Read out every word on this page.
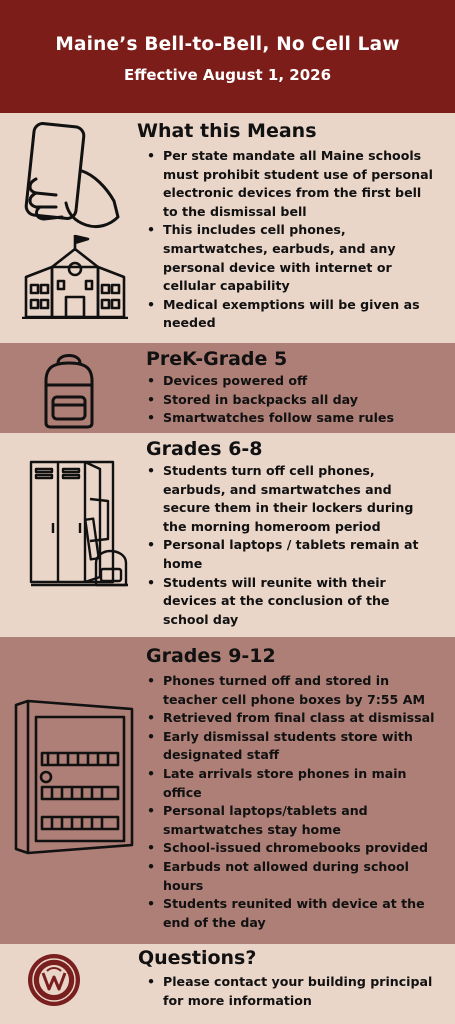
Maine’s Bell-to-Bell, No Cell Law
Effective August 1, 2026
What this Means
• Per state mandate all Maine schools must prohibit student use of personal electronic devices from the first bell to the dismissal bell
• This includes cell phones, smartwatches, earbuds, and any personal device with internet or cellular capability
• Medical exemptions will be given as needed
PreK-Grade 5
• Devices powered off
• Stored in backpacks all day
• Smartwatches follow same rules
Grades 6-8
• Students turn off cell phones, earbuds, and smartwatches and secure them in their lockers during the morning homeroom period
• Personal laptops / tablets remain at home
• Students will reunite with their devices at the conclusion of the school day
Grades 9-12
• Phones turned off and stored in teacher cell phone boxes by 7:55 AM
• Retrieved from final class at dismissal
• Early dismissal students store with designated staff
• Late arrivals store phones in main office
• Personal laptops/tablets and smartwatches stay home
• School-issued chromebooks provided
• Earbuds not allowed during school hours
• Students reunited with device at the end of the day
Questions?
• Please contact your building principal for more information
